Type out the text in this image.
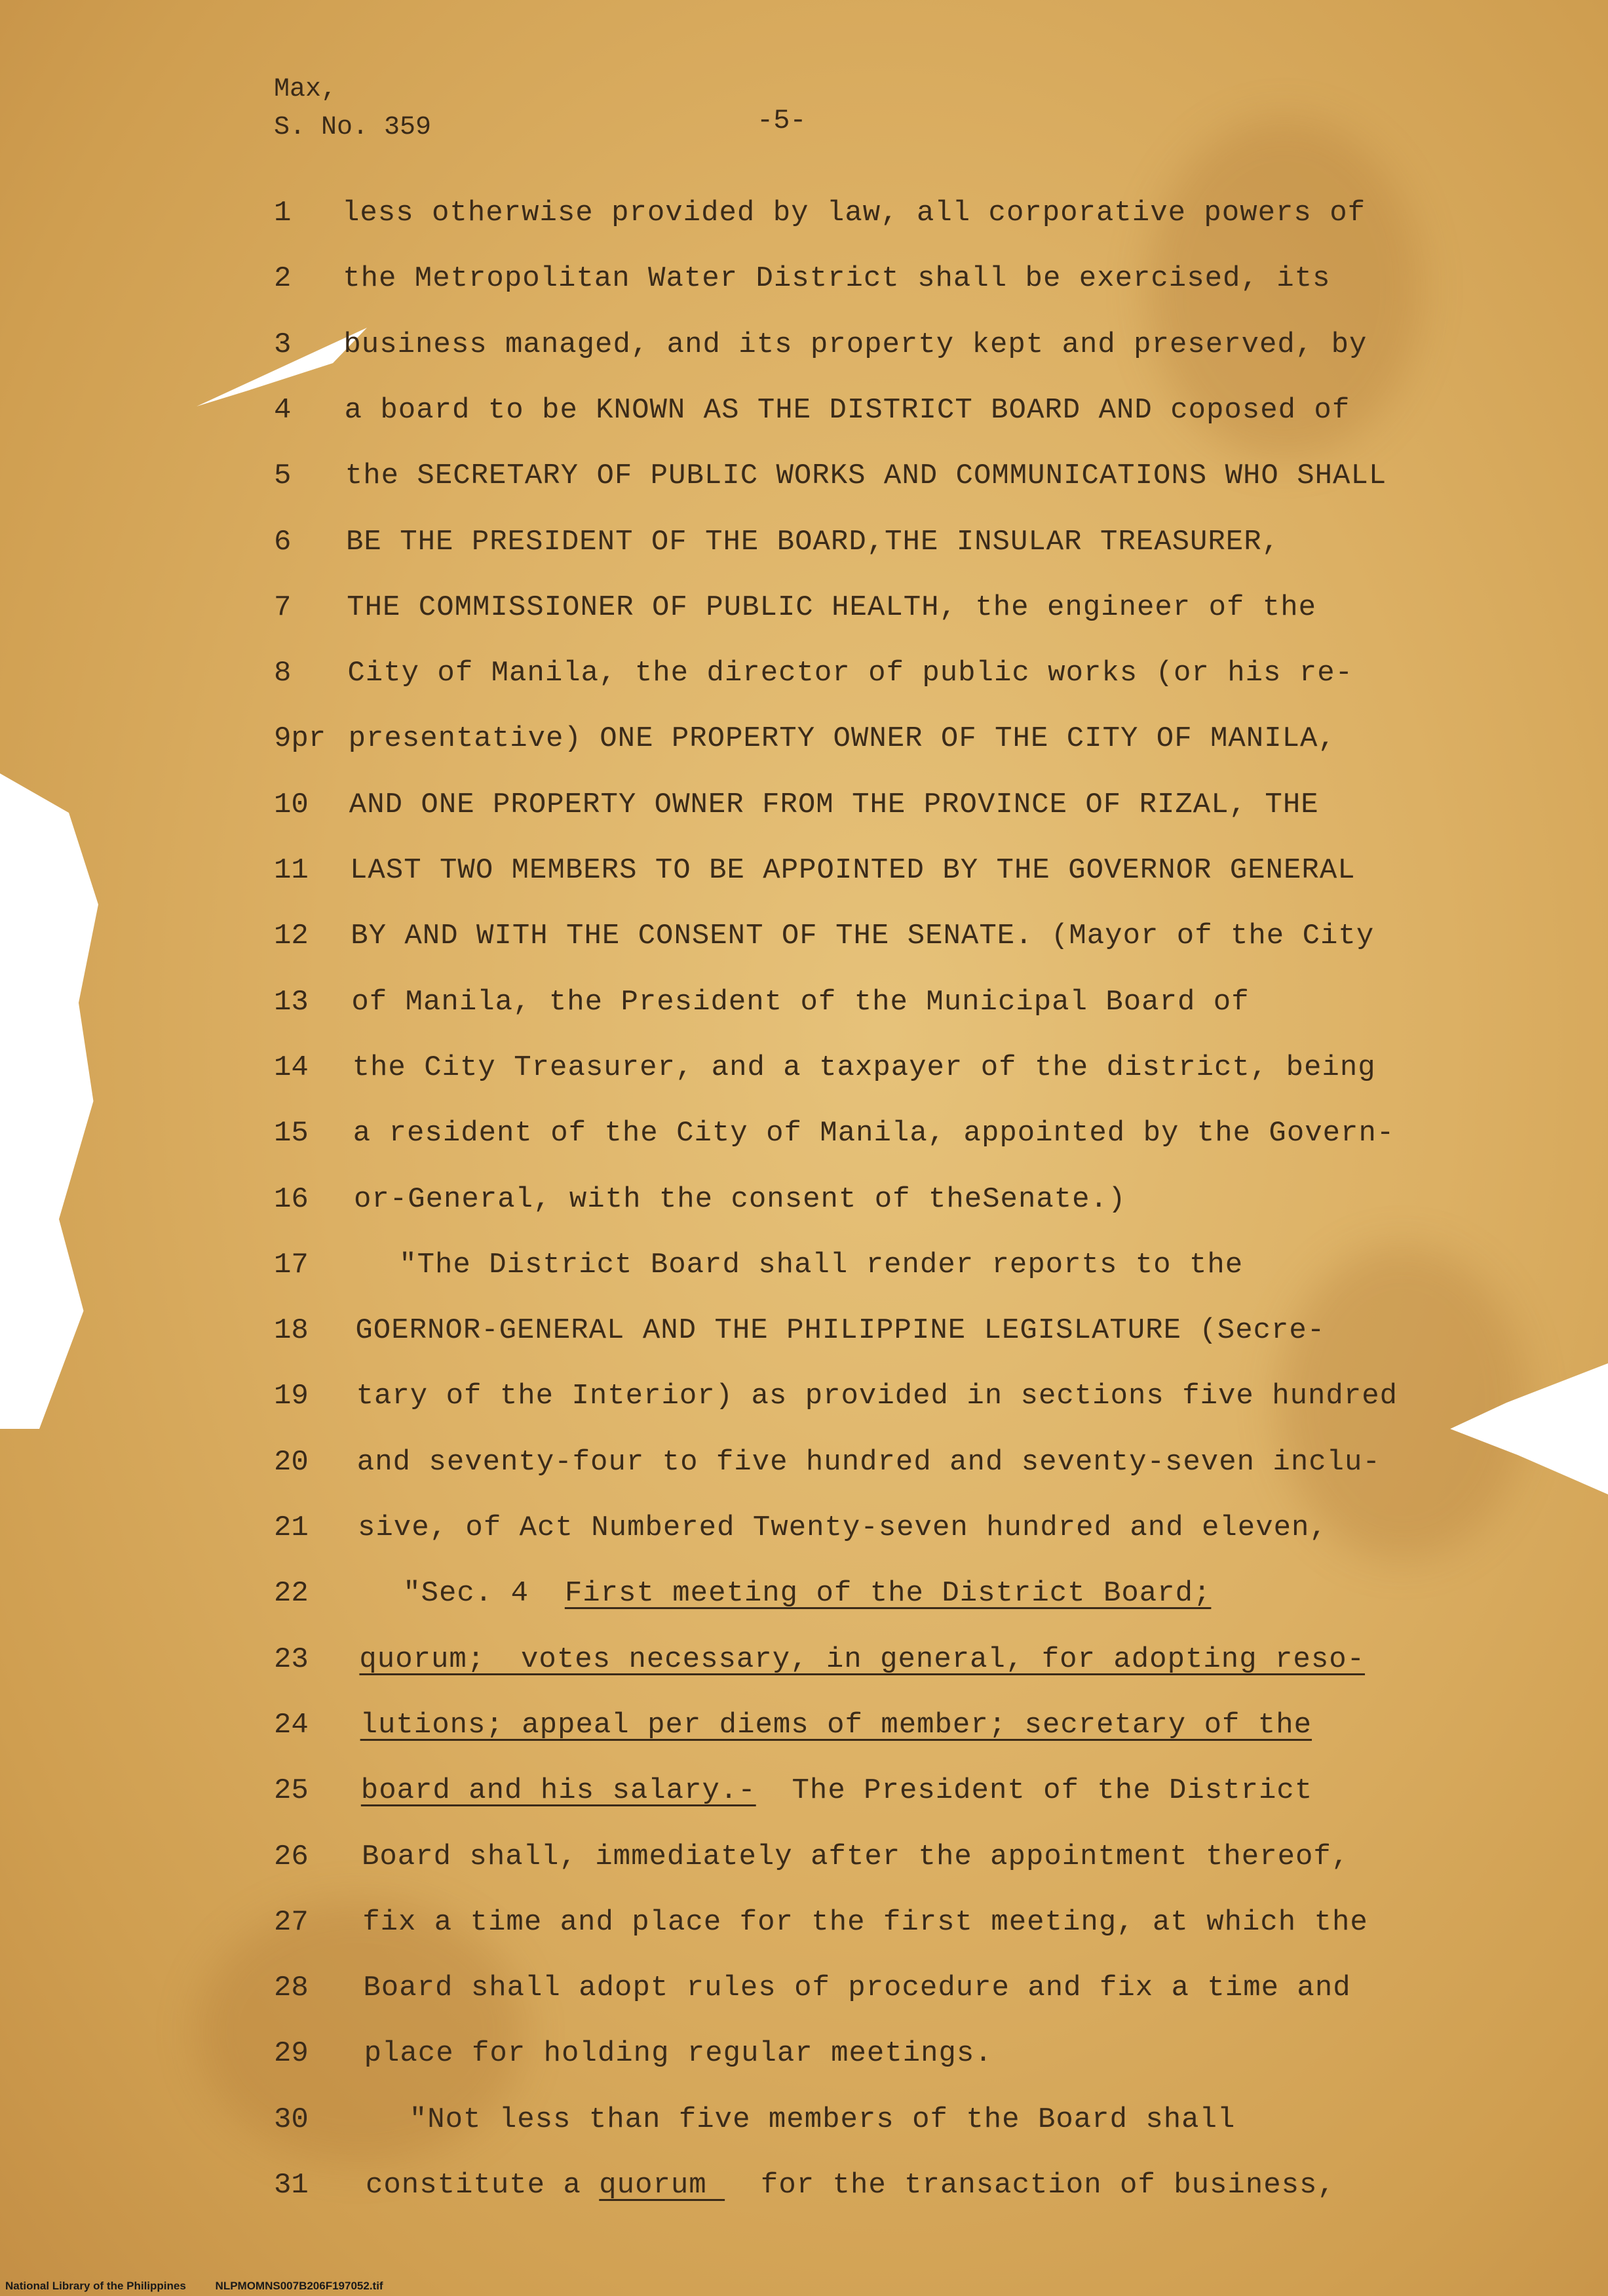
Max,
S. No. 359	-5-
1	less otherwise provided by law, all corporative powers of
2	the Metropolitan Water District shall be exercised, its
3	business managed, and its property kept and preserved, by
4	a board to be KNOWN AS THE DISTRICT BOARD AND coposed of
5	the SECRETARY OF PUBLIC WORKS AND COMMUNICATIONS WHO SHALL
6	BE THE PRESIDENT OF THE BOARD,THE INSULAR TREASURER,
7	THE COMMISSIONER OF PUBLIC HEALTH, the engineer of the
8	City of Manila, the director of public works (or his re-
9pr presentative) ONE PROPERTY OWNER OF THE CITY OF MANILA,
10	AND ONE PROPERTY OWNER FROM THE PROVINCE OF RIZAL, THE
11	LAST TWO MEMBERS TO BE APPOINTED BY THE GOVERNOR GENERAL
12	BY AND WITH THE CONSENT OF THE SENATE. (Mayor of the City
13	of Manila, the President of the Municipal Board of
14	the City Treasurer, and a taxpayer of the district, being
15	a resident of the City of Manila, appointed by the Govern-
16	or-General, with the consent of theSenate.)
17	"The District Board shall render reports to the
18	GOERNOR-GENERAL AND THE PHILIPPINE LEGISLATURE (Secre-
19	tary of the Interior) as provided in sections five hundred
20	and seventy-four to five hundred and seventy-seven inclu-
21	sive, of Act Numbered Twenty-seven hundred and eleven,
22	"Sec. 4  First meeting of the District Board;
23	quorum;  votes necessary, in general, for adopting reso-
24	lutions; appeal per diems of member; secretary of the
25	board and his salary.-  The President of the District
26	Board shall, immediately after the appointment thereof,
27	fix a time and place for the first meeting, at which the
28	Board shall adopt rules of procedure and fix a time and
29	place for holding regular meetings.
30	"Not less than five members of the Board shall
31	constitute a quorum   for the transaction of business,
National Library of the Philippines	NLPMOMNS007B206F197052.tif
